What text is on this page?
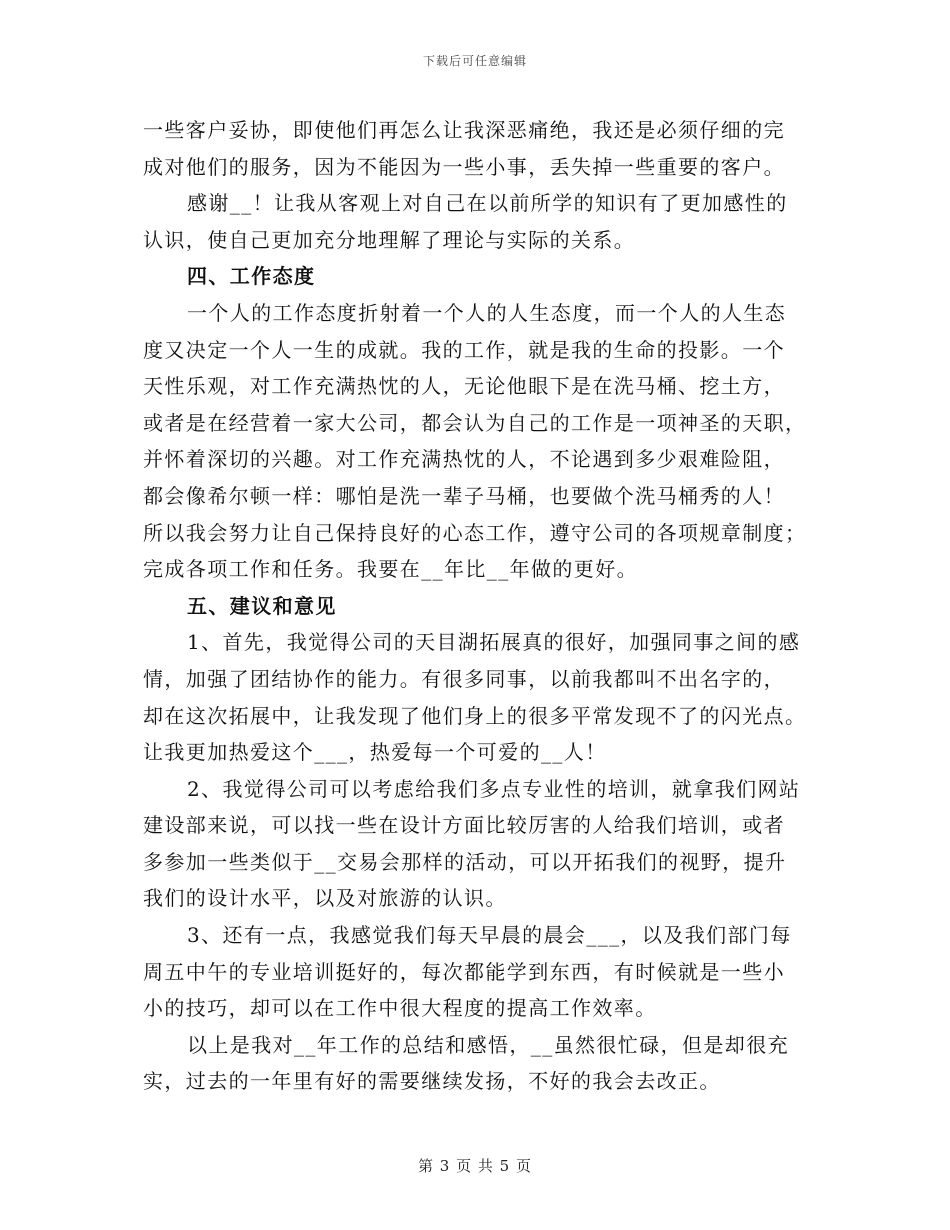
下载后可任意编辑
一些客户妥协，即使他们再怎么让我深恶痛绝，我还是必须仔细的完
成对他们的服务，因为不能因为一些小事，丢失掉一些重要的客户。
感谢__！让我从客观上对自己在以前所学的知识有了更加感性的
认识，使自己更加充分地理解了理论与实际的关系。
四、工作态度
一个人的工作态度折射着一个人的人生态度，而一个人的人生态
度又决定一个人一生的成就。我的工作，就是我的生命的投影。一个
天性乐观，对工作充满热忱的人，无论他眼下是在洗马桶、挖土方，
或者是在经营着一家大公司，都会认为自己的工作是一项神圣的天职，
并怀着深切的兴趣。对工作充满热忱的人，不论遇到多少艰难险阻，
都会像希尔顿一样：哪怕是洗一辈子马桶，也要做个洗马桶秀的人！
所以我会努力让自己保持良好的心态工作，遵守公司的各项规章制度；
完成各项工作和任务。我要在__年比__年做的更好。
五、建议和意见
1、首先，我觉得公司的天目湖拓展真的很好，加强同事之间的感
情，加强了团结协作的能力。有很多同事，以前我都叫不出名字的，
却在这次拓展中，让我发现了他们身上的很多平常发现不了的闪光点。
让我更加热爱这个___，热爱每一个可爱的__人！
2、我觉得公司可以考虑给我们多点专业性的培训，就拿我们网站
建设部来说，可以找一些在设计方面比较厉害的人给我们培训，或者
多参加一些类似于__交易会那样的活动，可以开拓我们的视野，提升
我们的设计水平，以及对旅游的认识。
3、还有一点，我感觉我们每天早晨的晨会___，以及我们部门每
周五中午的专业培训挺好的，每次都能学到东西，有时候就是一些小
小的技巧，却可以在工作中很大程度的提高工作效率。
以上是我对__年工作的总结和感悟，__虽然很忙碌，但是却很充
实，过去的一年里有好的需要继续发扬，不好的我会去改正。
第 3 页 共 5 页
